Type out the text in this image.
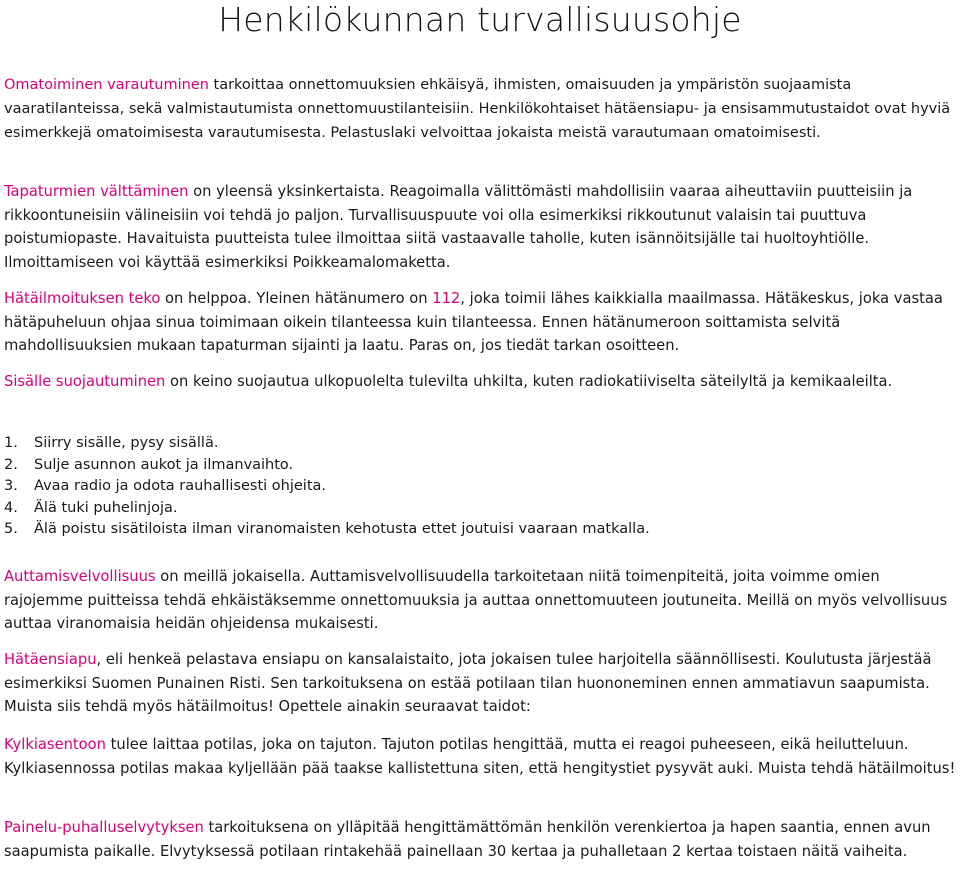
Henkilökunnan turvallisuusohje

Omatoiminen varautuminen tarkoittaa onnettomuuksien ehkäisyä, ihmisten, omaisuuden ja ympäristön suojaamista vaaratilanteissa, sekä valmistautumista onnettomuustilanteisiin. Henkilökohtaiset hätäensiapu- ja ensisammutustaidot ovat hyviä esimerkkejä omatoimisesta varautumisesta. Pelastuslaki velvoittaa jokaista meistä varautumaan omatoimisesti.

Tapaturmien välttäminen on yleensä yksinkertaista. Reagoimalla välittömästi mahdollisiin vaaraa aiheuttaviin puutteisiin ja rikkoontuneisiin välineisiin voi tehdä jo paljon. Turvallisuuspuute voi olla esimerkiksi rikkoutunut valaisin tai puuttuva poistumiopaste. Havaituista puutteista tulee ilmoittaa siitä vastaavalle taholle, kuten isännöitsijälle tai huoltoyhtiölle. Ilmoittamiseen voi käyttää esimerkiksi Poikkeamalomaketta.

Hätäilmoituksen teko on helppoa. Yleinen hätänumero on 112, joka toimii lähes kaikkialla maailmassa. Hätäkeskus, joka vastaa hätäpuheluun ohjaa sinua toimimaan oikein tilanteessa kuin tilanteessa. Ennen hätänumeroon soittamista selvitä mahdollisuuksien mukaan tapaturman sijainti ja laatu. Paras on, jos tiedät tarkan osoitteen.

Sisälle suojautuminen on keino suojautua ulkopuolelta tulevilta uhkilta, kuten radiokatiiviselta säteilyltä ja kemikaaleilta.

1.	Siirry sisälle, pysy sisällä.
2.	Sulje asunnon aukot ja ilmanvaihto.
3.	Avaa radio ja odota rauhallisesti ohjeita.
4.	Älä tuki puhelinjoja.
5.	Älä poistu sisätiloista ilman viranomaisten kehotusta ettet joutuisi vaaraan matkalla.

Auttamisvelvollisuus on meillä jokaisella. Auttamisvelvollisuudella tarkoitetaan niitä toimenpiteitä, joita voimme omien rajojemme puitteissa tehdä ehkäistäksemme onnettomuuksia ja auttaa onnettomuuteen joutuneita. Meillä on myös velvollisuus auttaa viranomaisia heidän ohjeidensa mukaisesti.

Hätäensiapu, eli henkeä pelastava ensiapu on kansalaistaito, jota jokaisen tulee harjoitella säännöllisesti. Koulutusta järjestää esimerkiksi Suomen Punainen Risti. Sen tarkoituksena on estää potilaan tilan huononeminen ennen ammatiavun saapumista. Muista siis tehdä myös hätäilmoitus! Opettele ainakin seuraavat taidot:

Kylkiasentoon tulee laittaa potilas, joka on tajuton. Tajuton potilas hengittää, mutta ei reagoi puheeseen, eikä heilutteluun. Kylkiasennossa potilas makaa kyljellään pää taakse kallistettuna siten, että hengitystiet pysyvät auki. Muista tehdä hätäilmoitus!

Painelu-puhalluselvytyksen tarkoituksena on ylläpitää hengittämättömän henkilön verenkiertoa ja hapen saantia, ennen avun saapumista paikalle. Elvytyksessä potilaan rintakehää painellaan 30 kertaa ja puhalletaan 2 kertaa toistaen näitä vaiheita.
